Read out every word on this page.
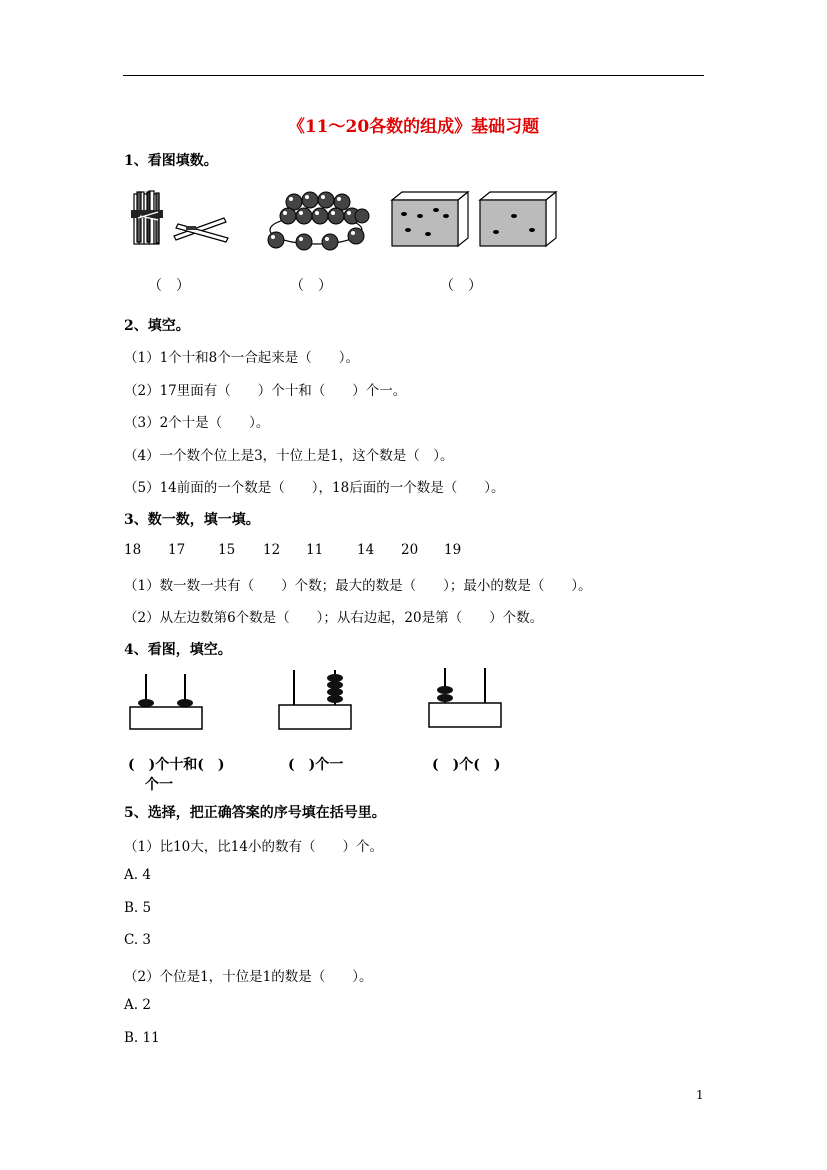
《11～20各数的组成》基础习题
1、看图填数。
（　）	（　）	（　）
2、填空。
（1）1个十和8个一合起来是（　　）。
（2）17里面有（　　）个十和（　　）个一。
（3）2个十是（　　）。
（4）一个数个位上是3，十位上是1，这个数是（　）。
（5）14前面的一个数是（　　），18后面的一个数是（　　）。
3、数一数，填一填。
18 17 15 12 11	14 20 19
（1）数一数一共有（　　）个数；最大的数是（　　）；最小的数是（　　）。
（2）从左边数第6个数是（　　）；从右边起，20是第（　　）个数。
4、看图，填空。
(　)个十和(　)
个一
(　)个一	(　)个(　)
5、选择，把正确答案的序号填在括号里。
（1）比10大，比14小的数有（　　）个。
A. 4
B. 5
C. 3
（2）个位是1，十位是1的数是（　　）。
A. 2
B. 11
1
